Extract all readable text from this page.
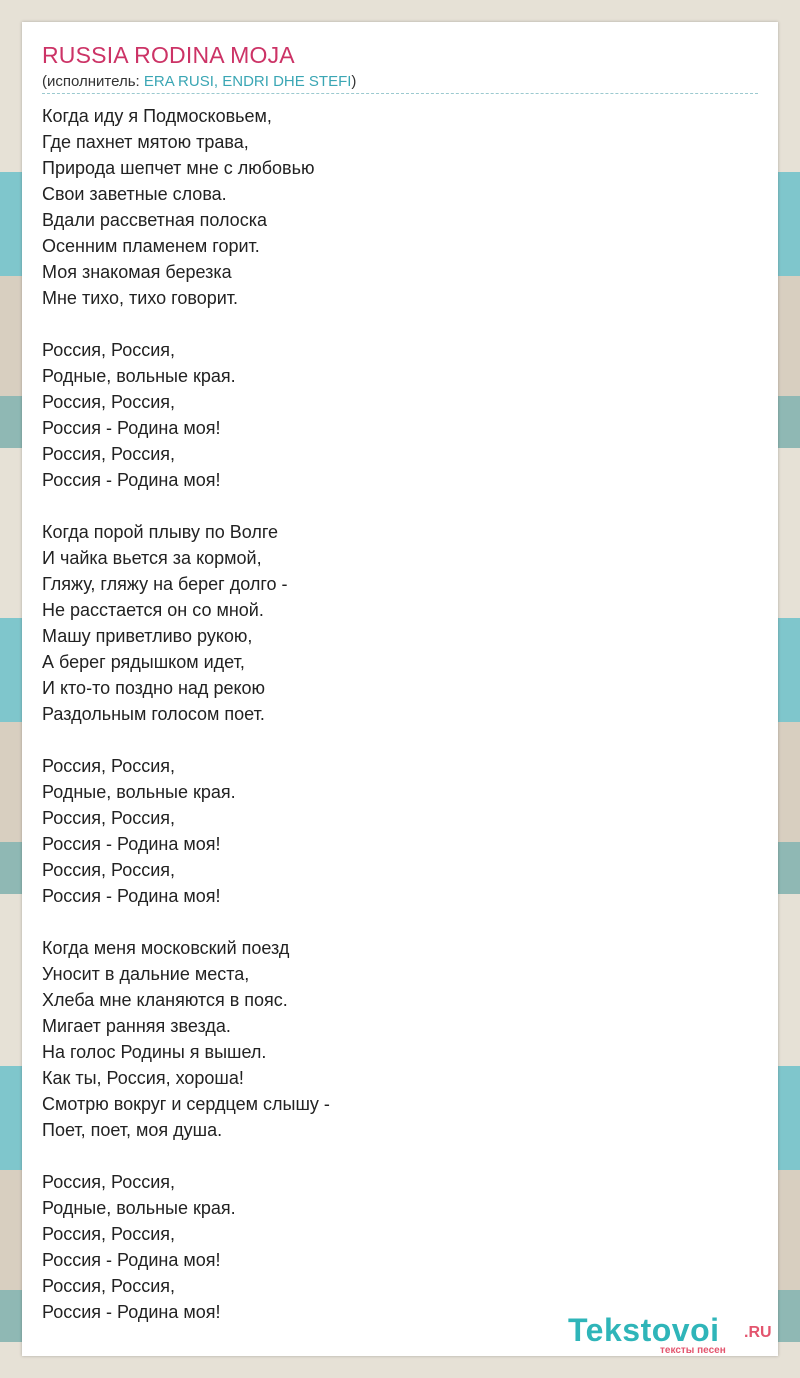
RUSSIA RODINA MOJA
(исполнитель: ERA RUSI, ENDRI DHE STEFI)
Когда иду я Подмосковьем,
Где пахнет мятою трава,
Природа шепчет мне с любовью
Свои заветные слова.
Вдали рассветная полоска
Осенним пламенем горит.
Моя знакомая березка
Мне тихо, тихо говорит.
Россия, Россия,
Родные, вольные края.
Россия, Россия,
Россия - Родина моя!
Россия, Россия,
Россия - Родина моя!
Когда порой плыву по Волге
И чайка вьется за кормой,
Гляжу, гляжу на берег долго -
Не расстается он со мной.
Машу приветливо рукою,
А берег рядышком идет,
И кто-то поздно над рекою
Раздольным голосом поет.
Россия, Россия,
Родные, вольные края.
Россия, Россия,
Россия - Родина моя!
Россия, Россия,
Россия - Родина моя!
Когда меня московский поезд
Уносит в дальние места,
Хлеба мне кланяются в пояс.
Мигает ранняя звезда.
На голос Родины я вышел.
Как ты, Россия, хороша!
Смотрю вокруг и сердцем слышу -
Поет, поет, моя душа.
Россия, Россия,
Родные, вольные края.
Россия, Россия,
Россия - Родина моя!
Россия, Россия,
Россия - Родина моя!	Tekstovoi .RU
тексты песен
